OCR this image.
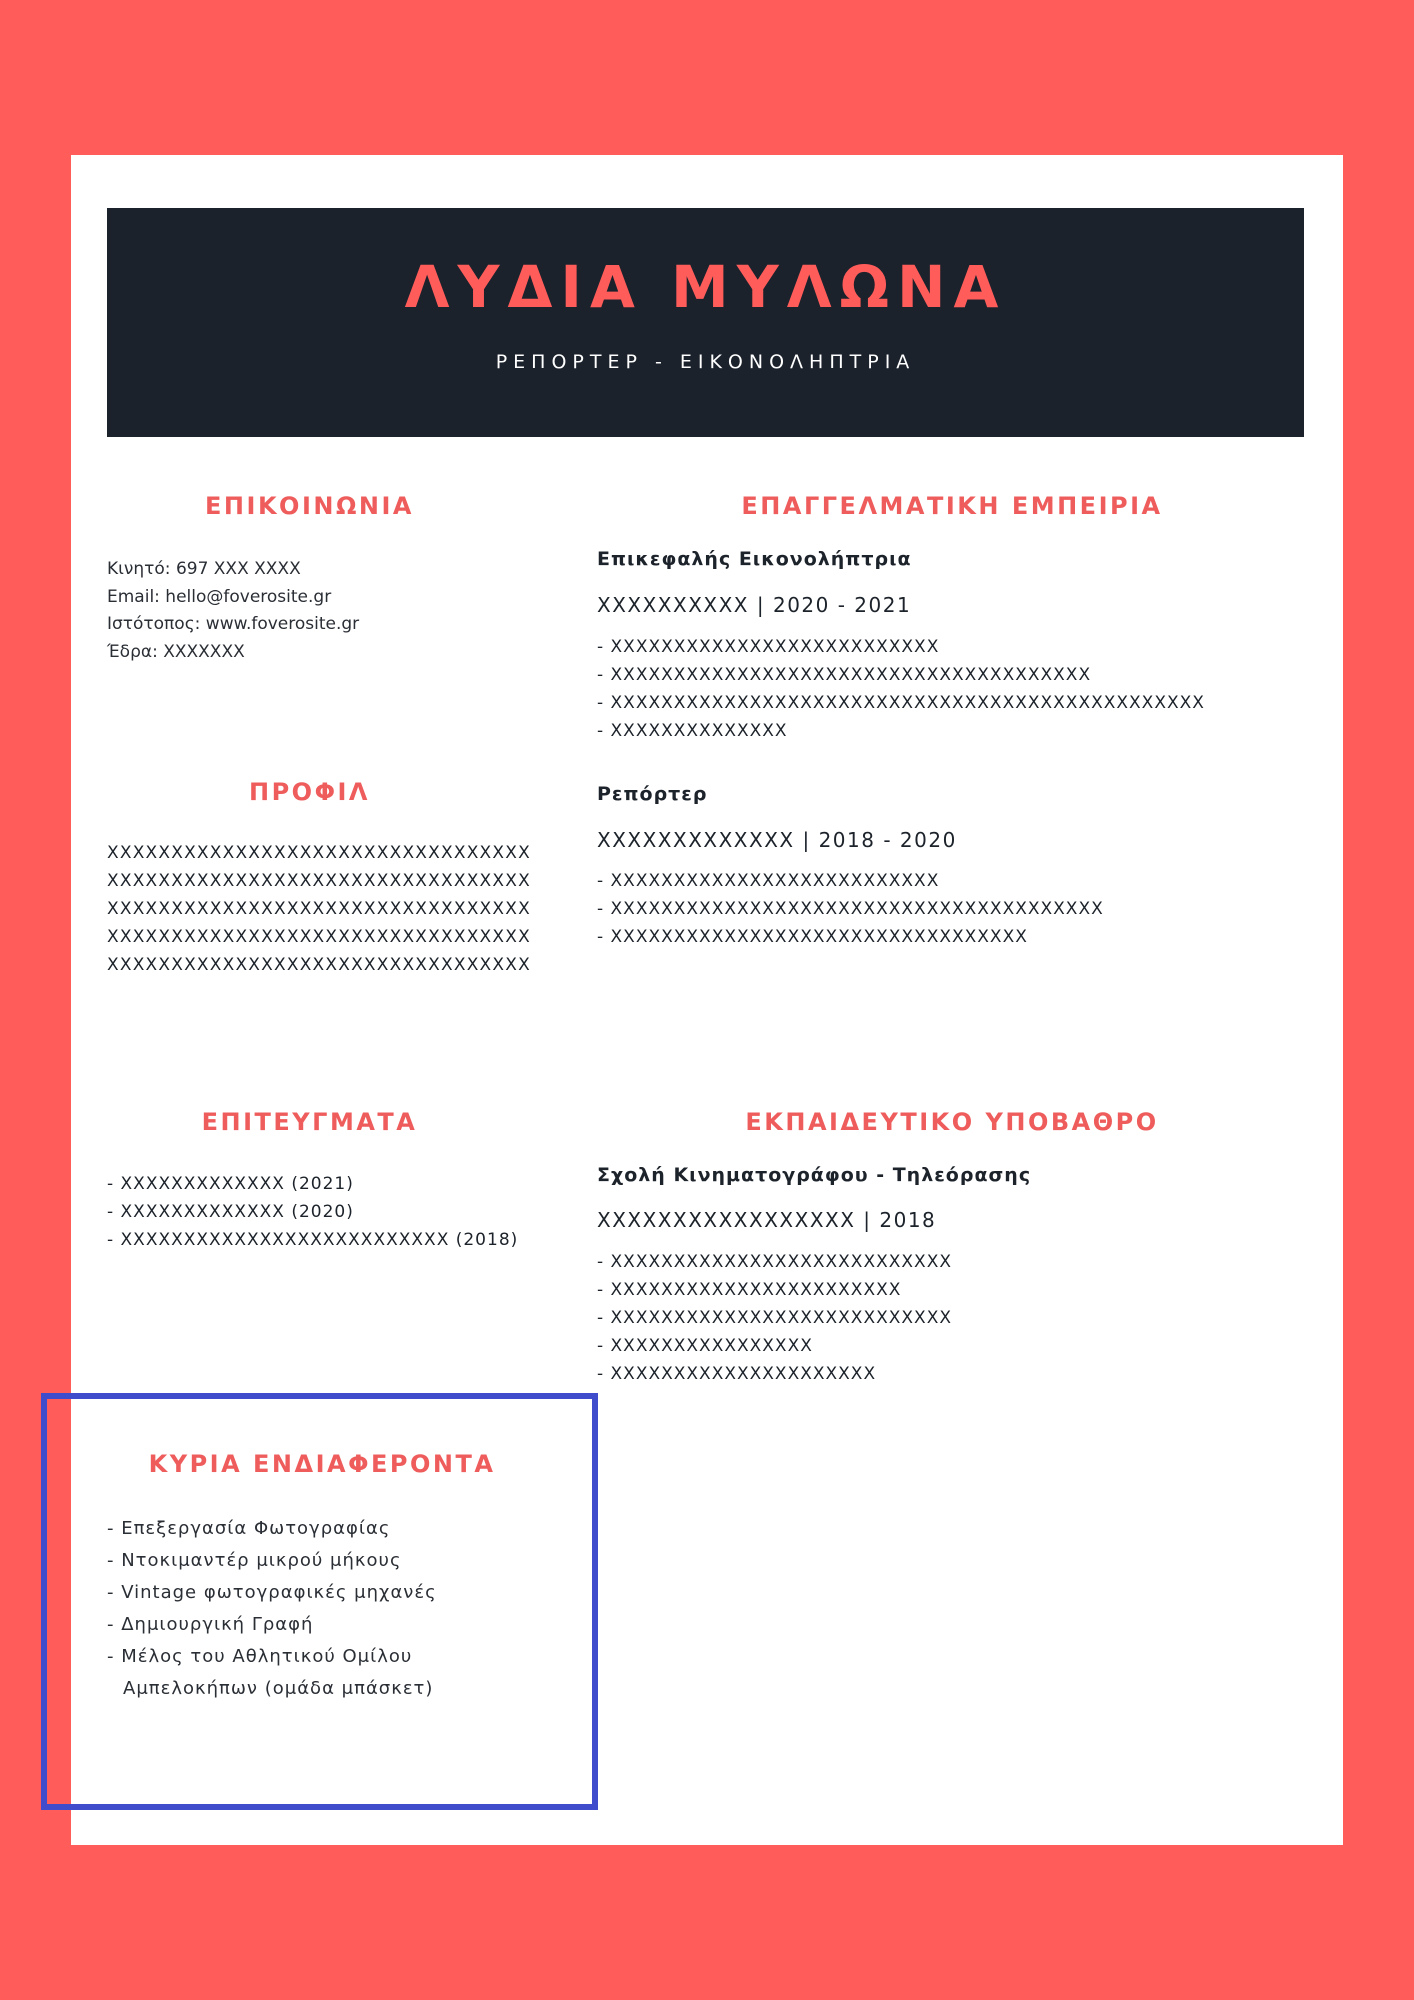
ΛΥΔΙΑ ΜΥΛΩΝΑ
ΡΕΠΟΡΤΕΡ - ΕΙΚΟΝΟΛΗΠΤΡΙΑ
ΕΠΙΚΟΙΝΩΝΙΑ
Κινητό: 697 XXX XXXX
Email: hello@foverosite.gr
Ιστότοπος: www.foverosite.gr
Έδρα: XXXXXXX
ΠΡΟΦΙΛ
XXXXXXXXXXXXXXXXXXXXXXXXXXXXXXXXX
XXXXXXXXXXXXXXXXXXXXXXXXXXXXXXXXX
XXXXXXXXXXXXXXXXXXXXXXXXXXXXXXXXX
XXXXXXXXXXXXXXXXXXXXXXXXXXXXXXXXX
XXXXXXXXXXXXXXXXXXXXXXXXXXXXXXXXX
ΕΠΙΤΕΥΓΜΑΤΑ
- XXXXXXXXXXXXX (2021)
- XXXXXXXXXXXXX (2020)
- XXXXXXXXXXXXXXXXXXXXXXXXXX (2018)
ΚΥΡΙΑ ΕΝΔΙΑΦΕΡΟΝΤΑ
- Επεξεργασία Φωτογραφίας
- Ντοκιμαντέρ μικρού μήκους
- Vintage φωτογραφικές μηχανές
- Δημιουργική Γραφή
- Μέλος του Αθλητικού Ομίλου Αμπελοκήπων (ομάδα μπάσκετ)
ΕΠΑΓΓΕΛΜΑΤΙΚΗ ΕΜΠΕΙΡΙΑ
Επικεφαλής Εικονολήπτρια
XXXXXXXXXX | 2020 - 2021
- XXXXXXXXXXXXXXXXXXXXXXXXXX
- XXXXXXXXXXXXXXXXXXXXXXXXXXXXXXXXXXXXXX
- XXXXXXXXXXXXXXXXXXXXXXXXXXXXXXXXXXXXXXXXXXXXXXX
- XXXXXXXXXXXXXX
Ρεπόρτερ
XXXXXXXXXXXXX | 2018 - 2020
- XXXXXXXXXXXXXXXXXXXXXXXXXX
- XXXXXXXXXXXXXXXXXXXXXXXXXXXXXXXXXXXXXXX
- XXXXXXXXXXXXXXXXXXXXXXXXXXXXXXXXX
ΕΚΠΑΙΔΕΥΤΙΚΟ ΥΠΟΒΑΘΡΟ
Σχολή Κινηματογράφου - Τηλεόρασης
XXXXXXXXXXXXXXXXX | 2018
- XXXXXXXXXXXXXXXXXXXXXXXXXXX
- XXXXXXXXXXXXXXXXXXXXXXX
- XXXXXXXXXXXXXXXXXXXXXXXXXXX
- XXXXXXXXXXXXXXXX
- XXXXXXXXXXXXXXXXXXXXX
